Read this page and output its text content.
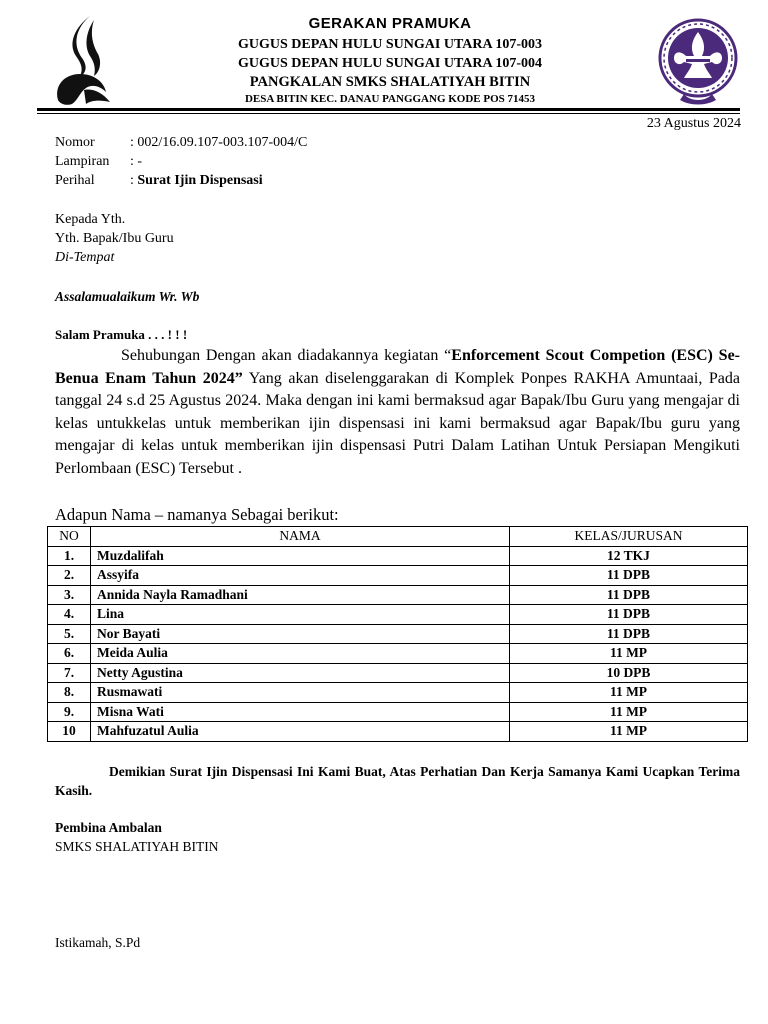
GERAKAN PRAMUKA
GUGUS DEPAN HULU SUNGAI UTARA 107-003
GUGUS DEPAN HULU SUNGAI UTARA 107-004
PANGKALAN SMKS SHALATIYAH BITIN
DESA BITIN KEC. DANAU PANGGANG KODE POS 71453
23 Agustus 2024
Nomor	: 002/16.09.107-003.107-004/C
Lampiran : -
Perihal	: Surat Ijin Dispensasi
Kepada Yth.
Yth. Bapak/Ibu Guru
Di-Tempat
Assalamualaikum Wr. Wb
Salam Pramuka . . . ! ! !
Sehubungan Dengan akan diadakannya kegiatan “Enforcement Scout Competion (ESC) Se-Benua Enam Tahun 2024” Yang akan diselenggarakan di Komplek Ponpes RAKHA Amuntaai, Pada tanggal 24 s.d 25 Agustus 2024. Maka dengan ini kami bermaksud agar Bapak/Ibu Guru yang mengajar di kelas untukkelas untuk memberikan ijin dispensasi ini kami bermaksud agar Bapak/Ibu guru yang mengajar di kelas untuk memberikan ijin dispensasi Putri Dalam Latihan Untuk Persiapan Mengikuti Perlombaan (ESC) Tersebut .
Adapun Nama – namanya Sebagai berikut:
NO	NAMA	KELAS/JURUSAN
1.	Muzdalifah	12 TKJ
2.	Assyifa	11 DPB
3.	Annida Nayla Ramadhani	11 DPB
4.	Lina	11 DPB
5.	Nor Bayati	11 DPB
6.	Meida Aulia	11 MP
7.	Netty Agustina	10 DPB
8.	Rusmawati	11 MP
9.	Misna Wati	11 MP
10	Mahfuzatul Aulia	11 MP
Demikian Surat Ijin Dispensasi Ini Kami Buat, Atas Perhatian Dan Kerja Samanya Kami Ucapkan Terima Kasih.
Pembina Ambalan
SMKS SHALATIYAH BITIN
Istikamah, S.Pd
